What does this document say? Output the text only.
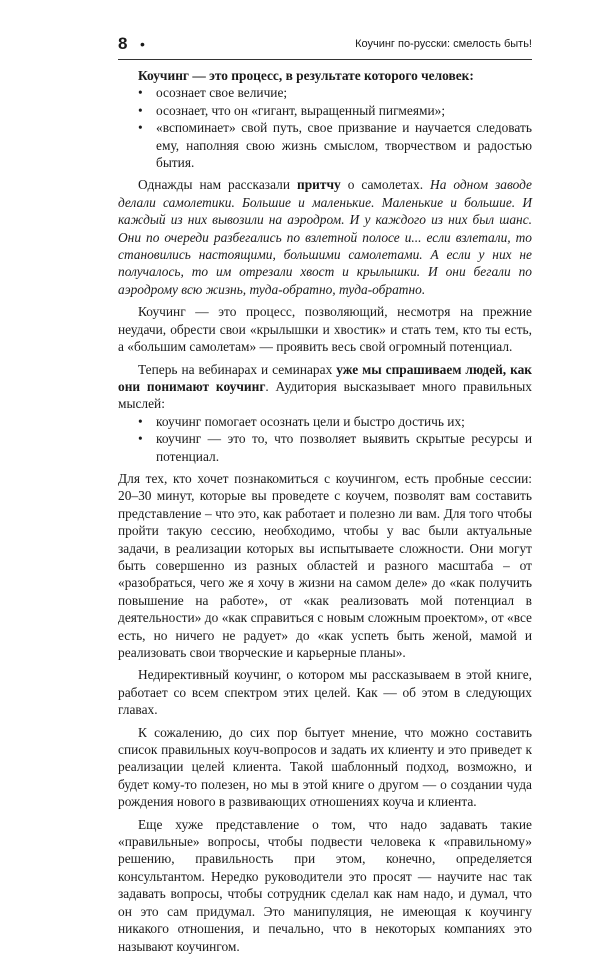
8 •	Коучинг по-русски: смелость быть!

Коучинг — это процесс, в результате которого человек:

• осознает свое величие;
• осознает, что он «гигант, выращенный пигмеями»;
• «вспоминает» свой путь, свое призвание и научается следовать ему, наполняя свою жизнь смыслом, творчеством и радостью бытия.

Однажды нам рассказали притчу о самолетах. На одном заводе делали самолетики. Большие и маленькие. Маленькие и большие. И каждый из них вывозили на аэродром. И у каждого из них был шанс. Они по очереди разбегались по взлетной полосе и... если взлетали, то становились настоящими, большими самолетами. А если у них не получалось, то им отрезали хвост и крылышки. И они бегали по аэродрому всю жизнь, туда-обратно, туда-обратно.

Коучинг — это процесс, позволяющий, несмотря на прежние неудачи, обрести свои «крылышки и хвостик» и стать тем, кто ты есть, а «большим самолетам» — проявить весь свой огромный потенциал.

Теперь на вебинарах и семинарах уже мы спрашиваем людей, как они понимают коучинг. Аудитория высказывает много правильных мыслей:

• коучинг помогает осознать цели и быстро достичь их;
• коучинг — это то, что позволяет выявить скрытые ресурсы и потенциал.

Для тех, кто хочет познакомиться с коучингом, есть пробные сессии: 20–30 минут, которые вы проведете с коучем, позволят вам составить представление – что это, как работает и полезно ли вам. Для того чтобы пройти такую сессию, необходимо, чтобы у вас были актуальные задачи, в реализации которых вы испытываете сложности. Они могут быть совершенно из разных областей и разного масштаба – от «разобраться, чего же я хочу в жизни на самом деле» до «как получить повышение на работе», от «как реализовать мой потенциал в деятельности» до «как справиться с новым сложным проектом», от «все есть, но ничего не радует» до «как успеть быть женой, мамой и реализовать свои творческие и карьерные планы».

Недирективный коучинг, о котором мы рассказываем в этой книге, работает со всем спектром этих целей. Как — об этом в следующих главах.

К сожалению, до сих пор бытует мнение, что можно составить список правильных коуч-вопросов и задать их клиенту и это приведет к реализации целей клиента. Такой шаблонный подход, возможно, и будет кому-то полезен, но мы в этой книге о другом — о создании чуда рождения нового в развивающих отношениях коуча и клиента.

Еще хуже представление о том, что надо задавать такие «правильные» вопросы, чтобы подвести человека к «правильному» решению, правильность при этом, конечно, определяется консультантом. Нередко руководители это просят — научите нас так задавать вопросы, чтобы сотрудник сделал как нам надо, и думал, что он это сам придумал. Это манипуляция, не имеющая к коучингу никакого отношения, и печально, что в некоторых компаниях это называют коучингом.
